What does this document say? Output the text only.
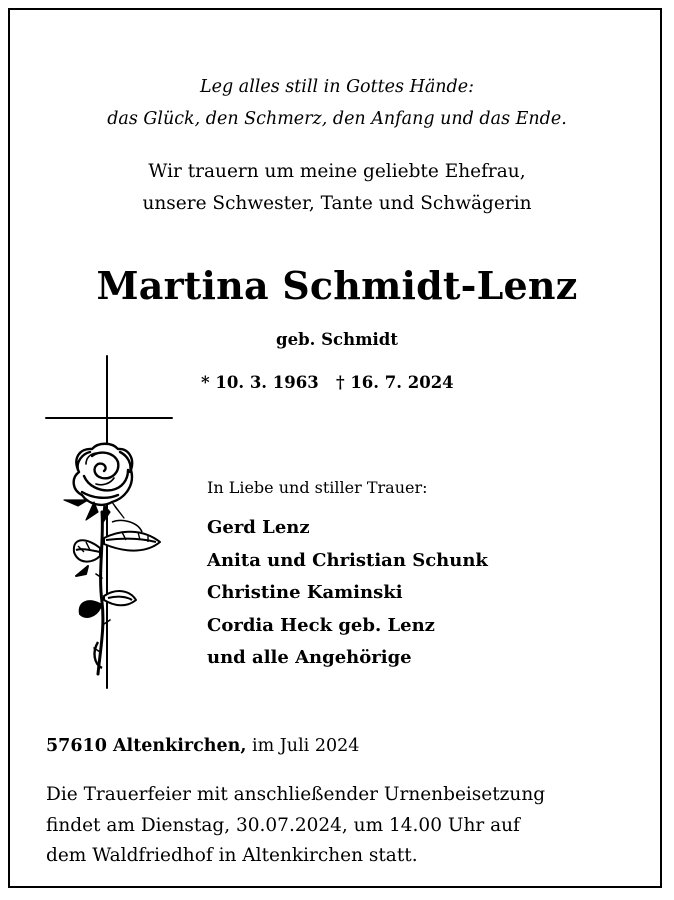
Leg alles still in Gottes Hände:
das Glück, den Schmerz, den Anfang und das Ende.
Wir trauern um meine geliebte Ehefrau,
unsere Schwester, Tante und Schwägerin
Martina Schmidt-Lenz
geb. Schmidt
* 10. 3. 1963   † 16. 7. 2024
In Liebe und stiller Trauer:
Gerd Lenz
Anita und Christian Schunk
Christine Kaminski
Cordia Heck geb. Lenz
und alle Angehörige
57610 Altenkirchen, im Juli 2024
Die Trauerfeier mit anschließender Urnenbeisetzung
findet am Dienstag, 30.07.2024, um 14.00 Uhr auf
dem Waldfriedhof in Altenkirchen statt.
